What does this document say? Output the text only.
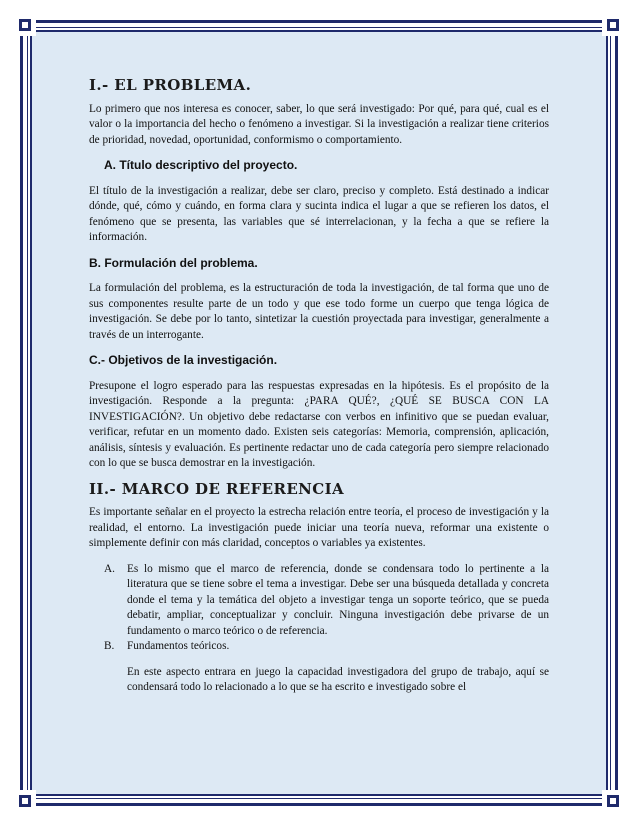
I.- EL PROBLEMA.

Lo primero que nos interesa es conocer, saber, lo que será investigado: Por qué, para qué, cual es el valor o la importancia del hecho o fenómeno a investigar. Si la investigación a realizar tiene criterios de prioridad, novedad, oportunidad, conformismo o comportamiento.

A. Título descriptivo del proyecto.

El título de la investigación a realizar, debe ser claro, preciso y completo. Está destinado a indicar dónde, qué, cómo y cuándo, en forma clara y sucinta indica el lugar a que se refieren los datos, el fenómeno que se presenta, las variables que sé interrelacionan, y la fecha a que se refiere la información.

B. Formulación del problema.

La formulación del problema, es la estructuración de toda la investigación, de tal forma que uno de sus componentes resulte parte de un todo y que ese todo forme un cuerpo que tenga lógica de investigación. Se debe por lo tanto, sintetizar la cuestión proyectada para investigar, generalmente a través de un interrogante.

C.- Objetivos de la investigación.

Presupone el logro esperado para las respuestas expresadas en la hipótesis. Es el propósito de la investigación. Responde a la pregunta: ¿PARA QUÉ?, ¿QUÉ SE BUSCA CON LA INVESTIGACIÓN?. Un objetivo debe redactarse con verbos en infinitivo que se puedan evaluar, verificar, refutar en un momento dado. Existen seis categorías: Memoria, comprensión, aplicación, análisis, síntesis y evaluación. Es pertinente redactar uno de cada categoría pero siempre relacionado con lo que se busca demostrar en la investigación.

II.- MARCO DE REFERENCIA

Es importante señalar en el proyecto la estrecha relación entre teoría, el proceso de investigación y la realidad, el entorno. La investigación puede iniciar una teoría nueva, reformar una existente o simplemente definir con más claridad, conceptos o variables ya existentes.

A.	Es lo mismo que el marco de referencia, donde se condensara todo lo pertinente a la literatura que se tiene sobre el tema a investigar. Debe ser una búsqueda detallada y concreta donde el tema y la temática del objeto a investigar tenga un soporte teórico, que se pueda debatir, ampliar, conceptualizar y concluir. Ninguna investigación debe privarse de un fundamento o marco teórico o de referencia.
B.	Fundamentos teóricos.
En este aspecto entrara en juego la capacidad investigadora del grupo de trabajo, aquí se condensará todo lo relacionado a lo que se ha escrito e investigado sobre el
